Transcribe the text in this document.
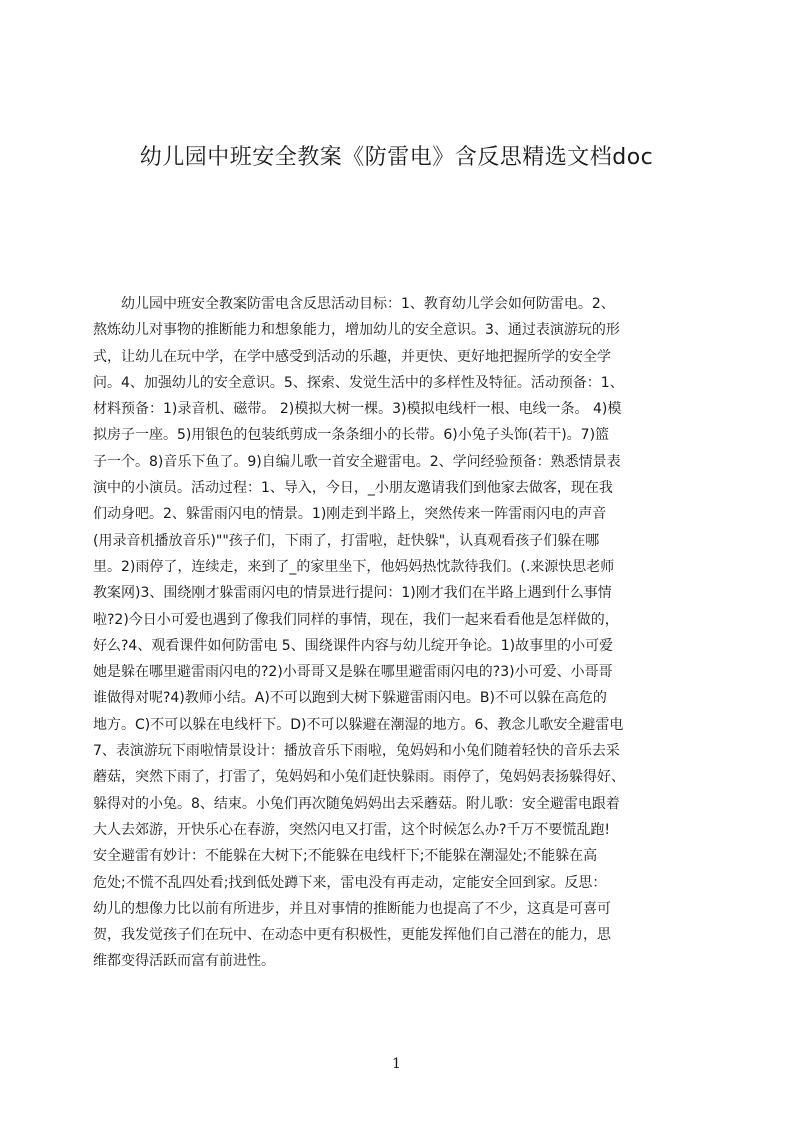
幼儿园中班安全教案《防雷电》含反思精选文档doc
　　幼儿园中班安全教案防雷电含反思活动目标：1、教育幼儿学会如何防雷电。2、
熬炼幼儿对事物的推断能力和想象能力，增加幼儿的安全意识。3、通过表演游玩的形
式，让幼儿在玩中学，在学中感受到活动的乐趣，并更快、更好地把握所学的安全学
问。4、加强幼儿的安全意识。5、探索、发觉生活中的多样性及特征。活动预备：1、
材料预备：1)录音机、磁带。 2)模拟大树一棵。3)模拟电线杆一根、电线一条。 4)模
拟房子一座。5)用银色的包装纸剪成一条条细小的长带。6)小兔子头饰(若干)。7)篮
子一个。8)音乐下鱼了。9)自编儿歌一首安全避雷电。2、学问经验预备：熟悉情景表
演中的小演员。活动过程：1、导入，今日，_小朋友邀请我们到他家去做客，现在我
们动身吧。2、躲雷雨闪电的情景。1)刚走到半路上，突然传来一阵雷雨闪电的声音
(用录音机播放音乐)""孩子们，下雨了，打雷啦，赶快躲"，认真观看孩子们躲在哪
里。2)雨停了，连续走，来到了_的家里坐下，他妈妈热忱款待我们。(.来源快思老师
教案网)3、围绕刚才躲雷雨闪电的情景进行提问：1)刚才我们在半路上遇到什么事情
啦?2)今日小可爱也遇到了像我们同样的事情，现在，我们一起来看看他是怎样做的，
好么?4、观看课件如何防雷电 5、围绕课件内容与幼儿绽开争论。1)故事里的小可爱
她是躲在哪里避雷雨闪电的?2)小哥哥又是躲在哪里避雷雨闪电的?3)小可爱、小哥哥
谁做得对呢?4)教师小结。A)不可以跑到大树下躲避雷雨闪电。B)不可以躲在高危的
地方。C)不可以躲在电线杆下。D)不可以躲避在潮湿的地方。6、教念儿歌安全避雷电
7、表演游玩下雨啦情景设计：播放音乐下雨啦，兔妈妈和小兔们随着轻快的音乐去采
蘑菇，突然下雨了，打雷了，兔妈妈和小兔们赶快躲雨。雨停了，兔妈妈表扬躲得好、
躲得对的小兔。8、结束。小兔们再次随兔妈妈出去采蘑菇。附儿歌：安全避雷电跟着
大人去郊游，开快乐心在春游，突然闪电又打雷，这个时候怎么办?千万不要慌乱跑!
安全避雷有妙计：不能躲在大树下;不能躲在电线杆下;不能躲在潮湿处;不能躲在高
危处;不慌不乱四处看;找到低处蹲下来，雷电没有再走动，定能安全回到家。反思：
幼儿的想像力比以前有所进步，并且对事情的推断能力也提高了不少，这真是可喜可
贺，我发觉孩子们在玩中、在动态中更有积极性，更能发挥他们自己潜在的能力，思
维都变得活跃而富有前进性。
1
